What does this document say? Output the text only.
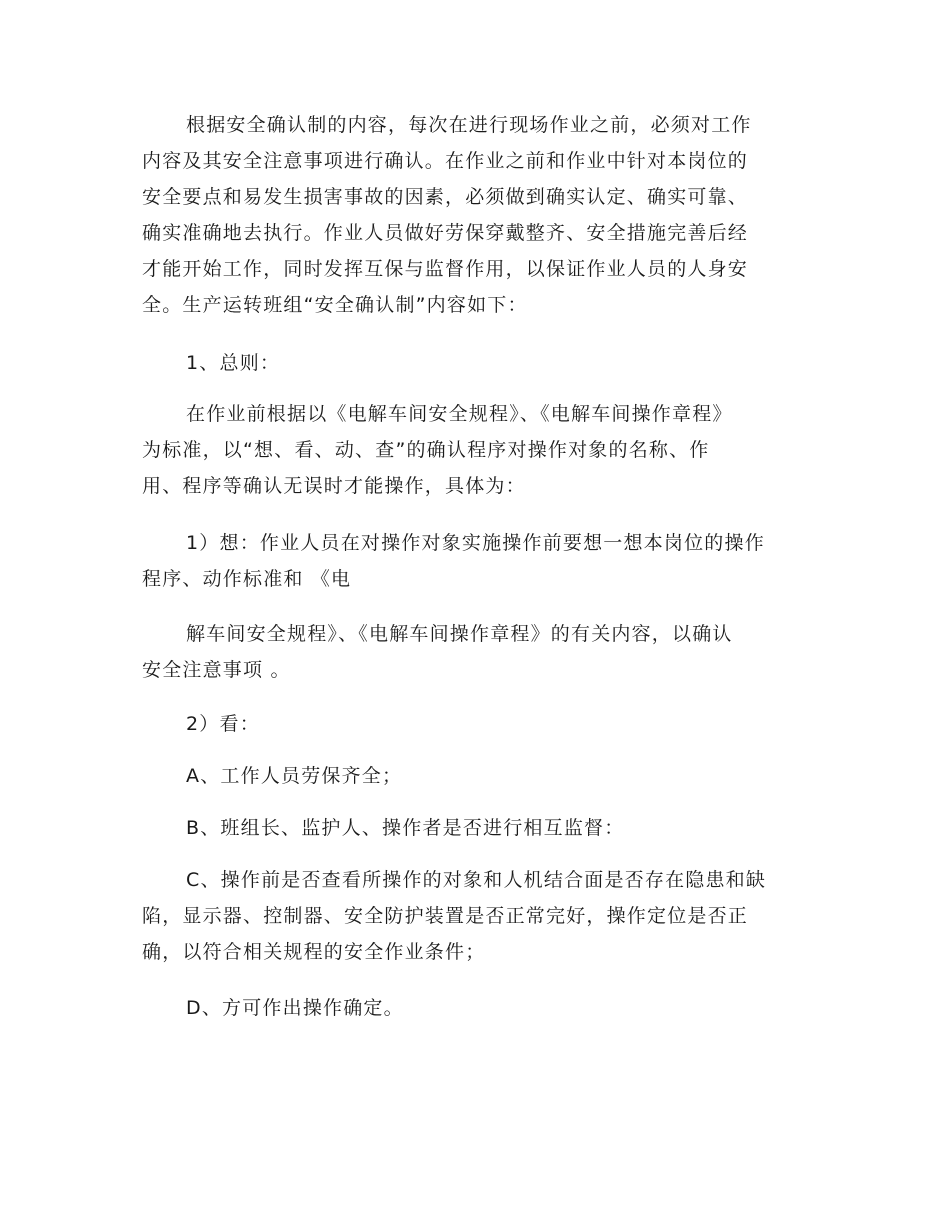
根据安全确认制的内容，每次在进行现场作业之前，必须对工作
内容及其安全注意事项进行确认。在作业之前和作业中针对本岗位的
安全要点和易发生损害事故的因素，必须做到确实认定、确实可靠、
确实准确地去执行。作业人员做好劳保穿戴整齐、安全措施完善后经
才能开始工作，同时发挥互保与监督作用，以保证作业人员的人身安
全。生产运转班组“安全确认制”内容如下：
1、总则：
在作业前根据以《电解车间安全规程》、《电解车间操作章程》
为标准，以“想、看、动、查”的确认程序对操作对象的名称、作
用、程序等确认无误时才能操作，具体为：
1）想：作业人员在对操作对象实施操作前要想一想本岗位的操作
程序、动作标准和 《电
解车间安全规程》、《电解车间操作章程》的有关内容，以确认
安全注意事项 。
2）看：
A、工作人员劳保齐全；
B、班组长、监护人、操作者是否进行相互监督：
C、操作前是否查看所操作的对象和人机结合面是否存在隐患和缺
陷，显示器、控制器、安全防护装置是否正常完好，操作定位是否正
确，以符合相关规程的安全作业条件；
D、方可作出操作确定。
